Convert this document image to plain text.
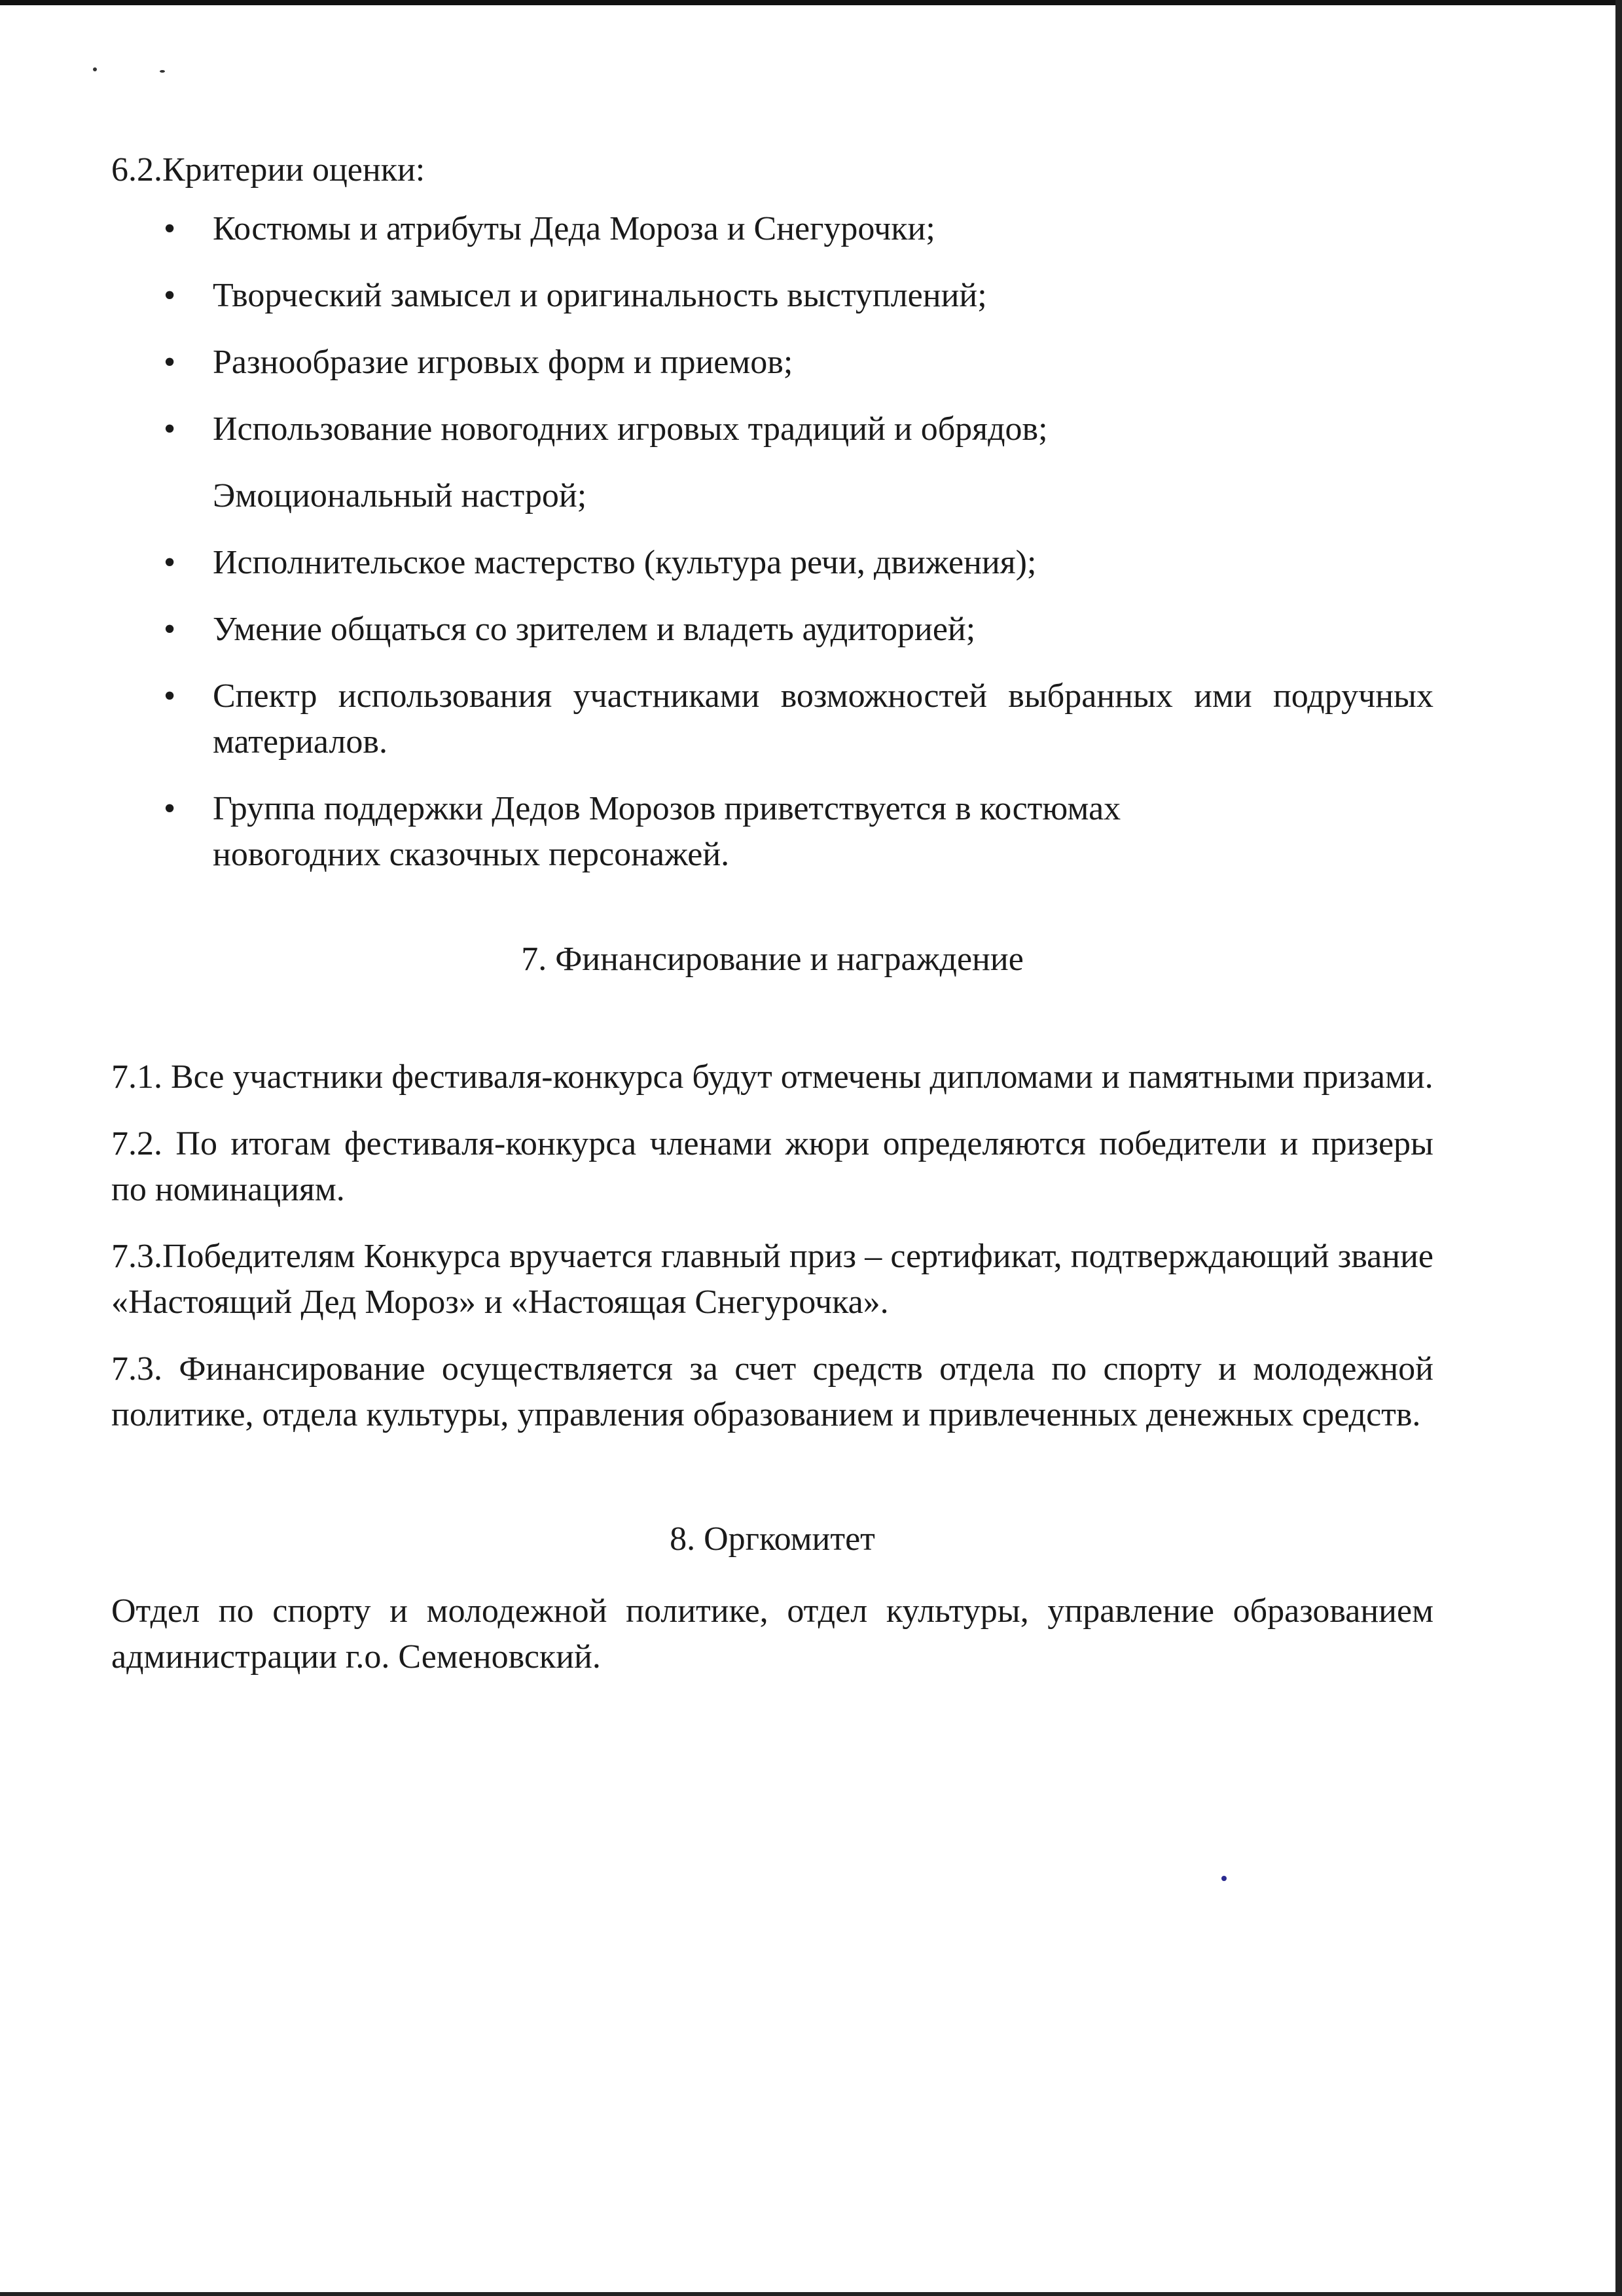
6.2.Критерии оценки:
• Костюмы и атрибуты Деда Мороза и Снегурочки;
• Творческий замысел и оригинальность выступлений;
• Разнообразие игровых форм и приемов;
• Использование новогодних игровых традиций и обрядов;
Эмоциональный настрой;
• Исполнительское мастерство (культура речи, движения);
• Умение общаться со зрителем и владеть аудиторией;
• Спектр использования участниками возможностей выбранных ими подручных материалов.
• Группа поддержки Дедов Морозов приветствуется в костюмах новогодних сказочных персонажей.
7. Финансирование и награждение

7.1. Все участники фестиваля-конкурса будут отмечены дипломами и памятными призами.

7.2. По итогам фестиваля-конкурса членами жюри определяются победители и призеры по номинациям.

7.3.Победителям Конкурса вручается главный приз – сертификат, подтверждающий звание «Настоящий Дед Мороз» и «Настоящая Снегурочка».

7.3. Финансирование осуществляется за счет средств отдела по спорту и молодежной политике, отдела культуры, управления образованием и привлеченных денежных средств.

8. Оргкомитет

Отдел по спорту и молодежной политике, отдел культуры, управление образованием администрации г.о. Семеновский.
